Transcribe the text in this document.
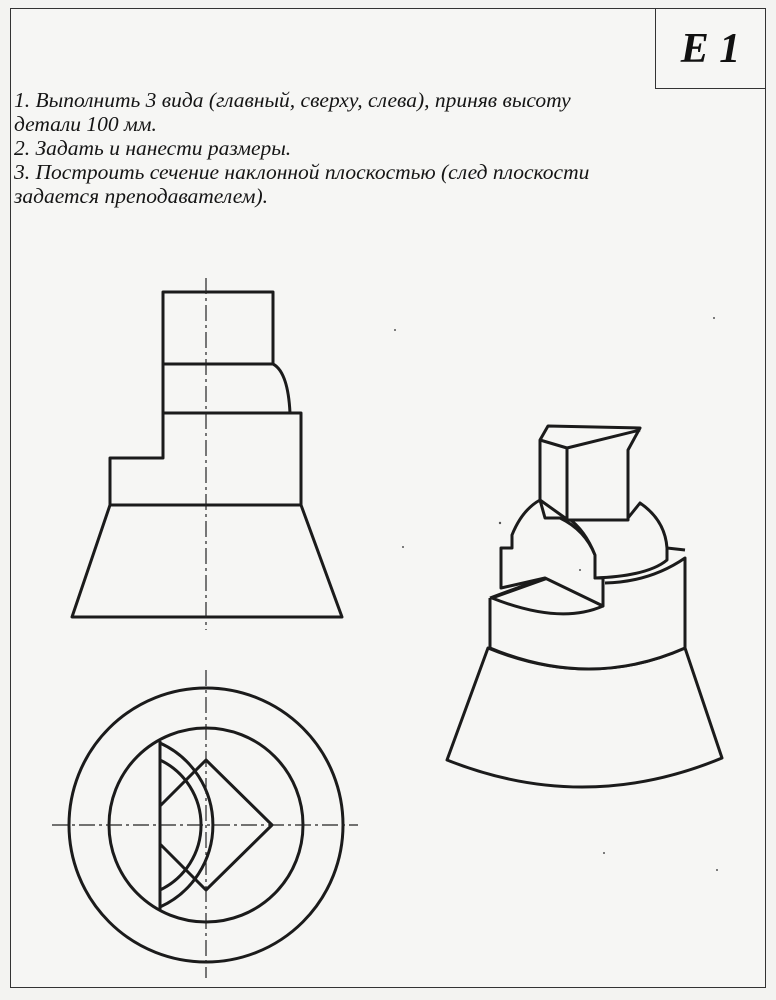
E 1
1. Выполнить 3 вида (главный, сверху, слева), приняв высоту
детали 100 мм.
2. Задать и нанести размеры.
3. Построить сечение наклонной плоскостью (след плоскости
задается преподавателем).
